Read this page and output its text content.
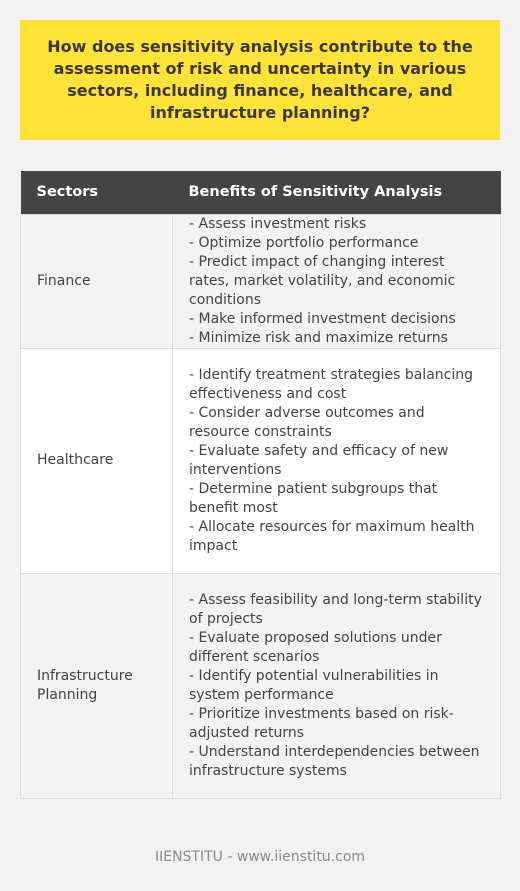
How does sensitivity analysis contribute to the assessment of risk and uncertainty in various sectors, including finance, healthcare, and infrastructure planning?
Sectors	Benefits of Sensitivity Analysis
Finance	- Assess investment risks
- Optimize portfolio performance
- Predict impact of changing interest rates, market volatility, and economic conditions
- Make informed investment decisions
- Minimize risk and maximize returns

Healthcare	- Identify treatment strategies balancing effectiveness and cost
- Consider adverse outcomes and resource constraints
- Evaluate safety and efficacy of new interventions
- Determine patient subgroups that benefit most
- Allocate resources for maximum health impact

Infrastructure Planning	- Assess feasibility and long-term stability of projects
- Evaluate proposed solutions under different scenarios
- Identify potential vulnerabilities in system performance
- Prioritize investments based on risk-adjusted returns
- Understand interdependencies between infrastructure systems
IIENSTITU - www.iienstitu.com
